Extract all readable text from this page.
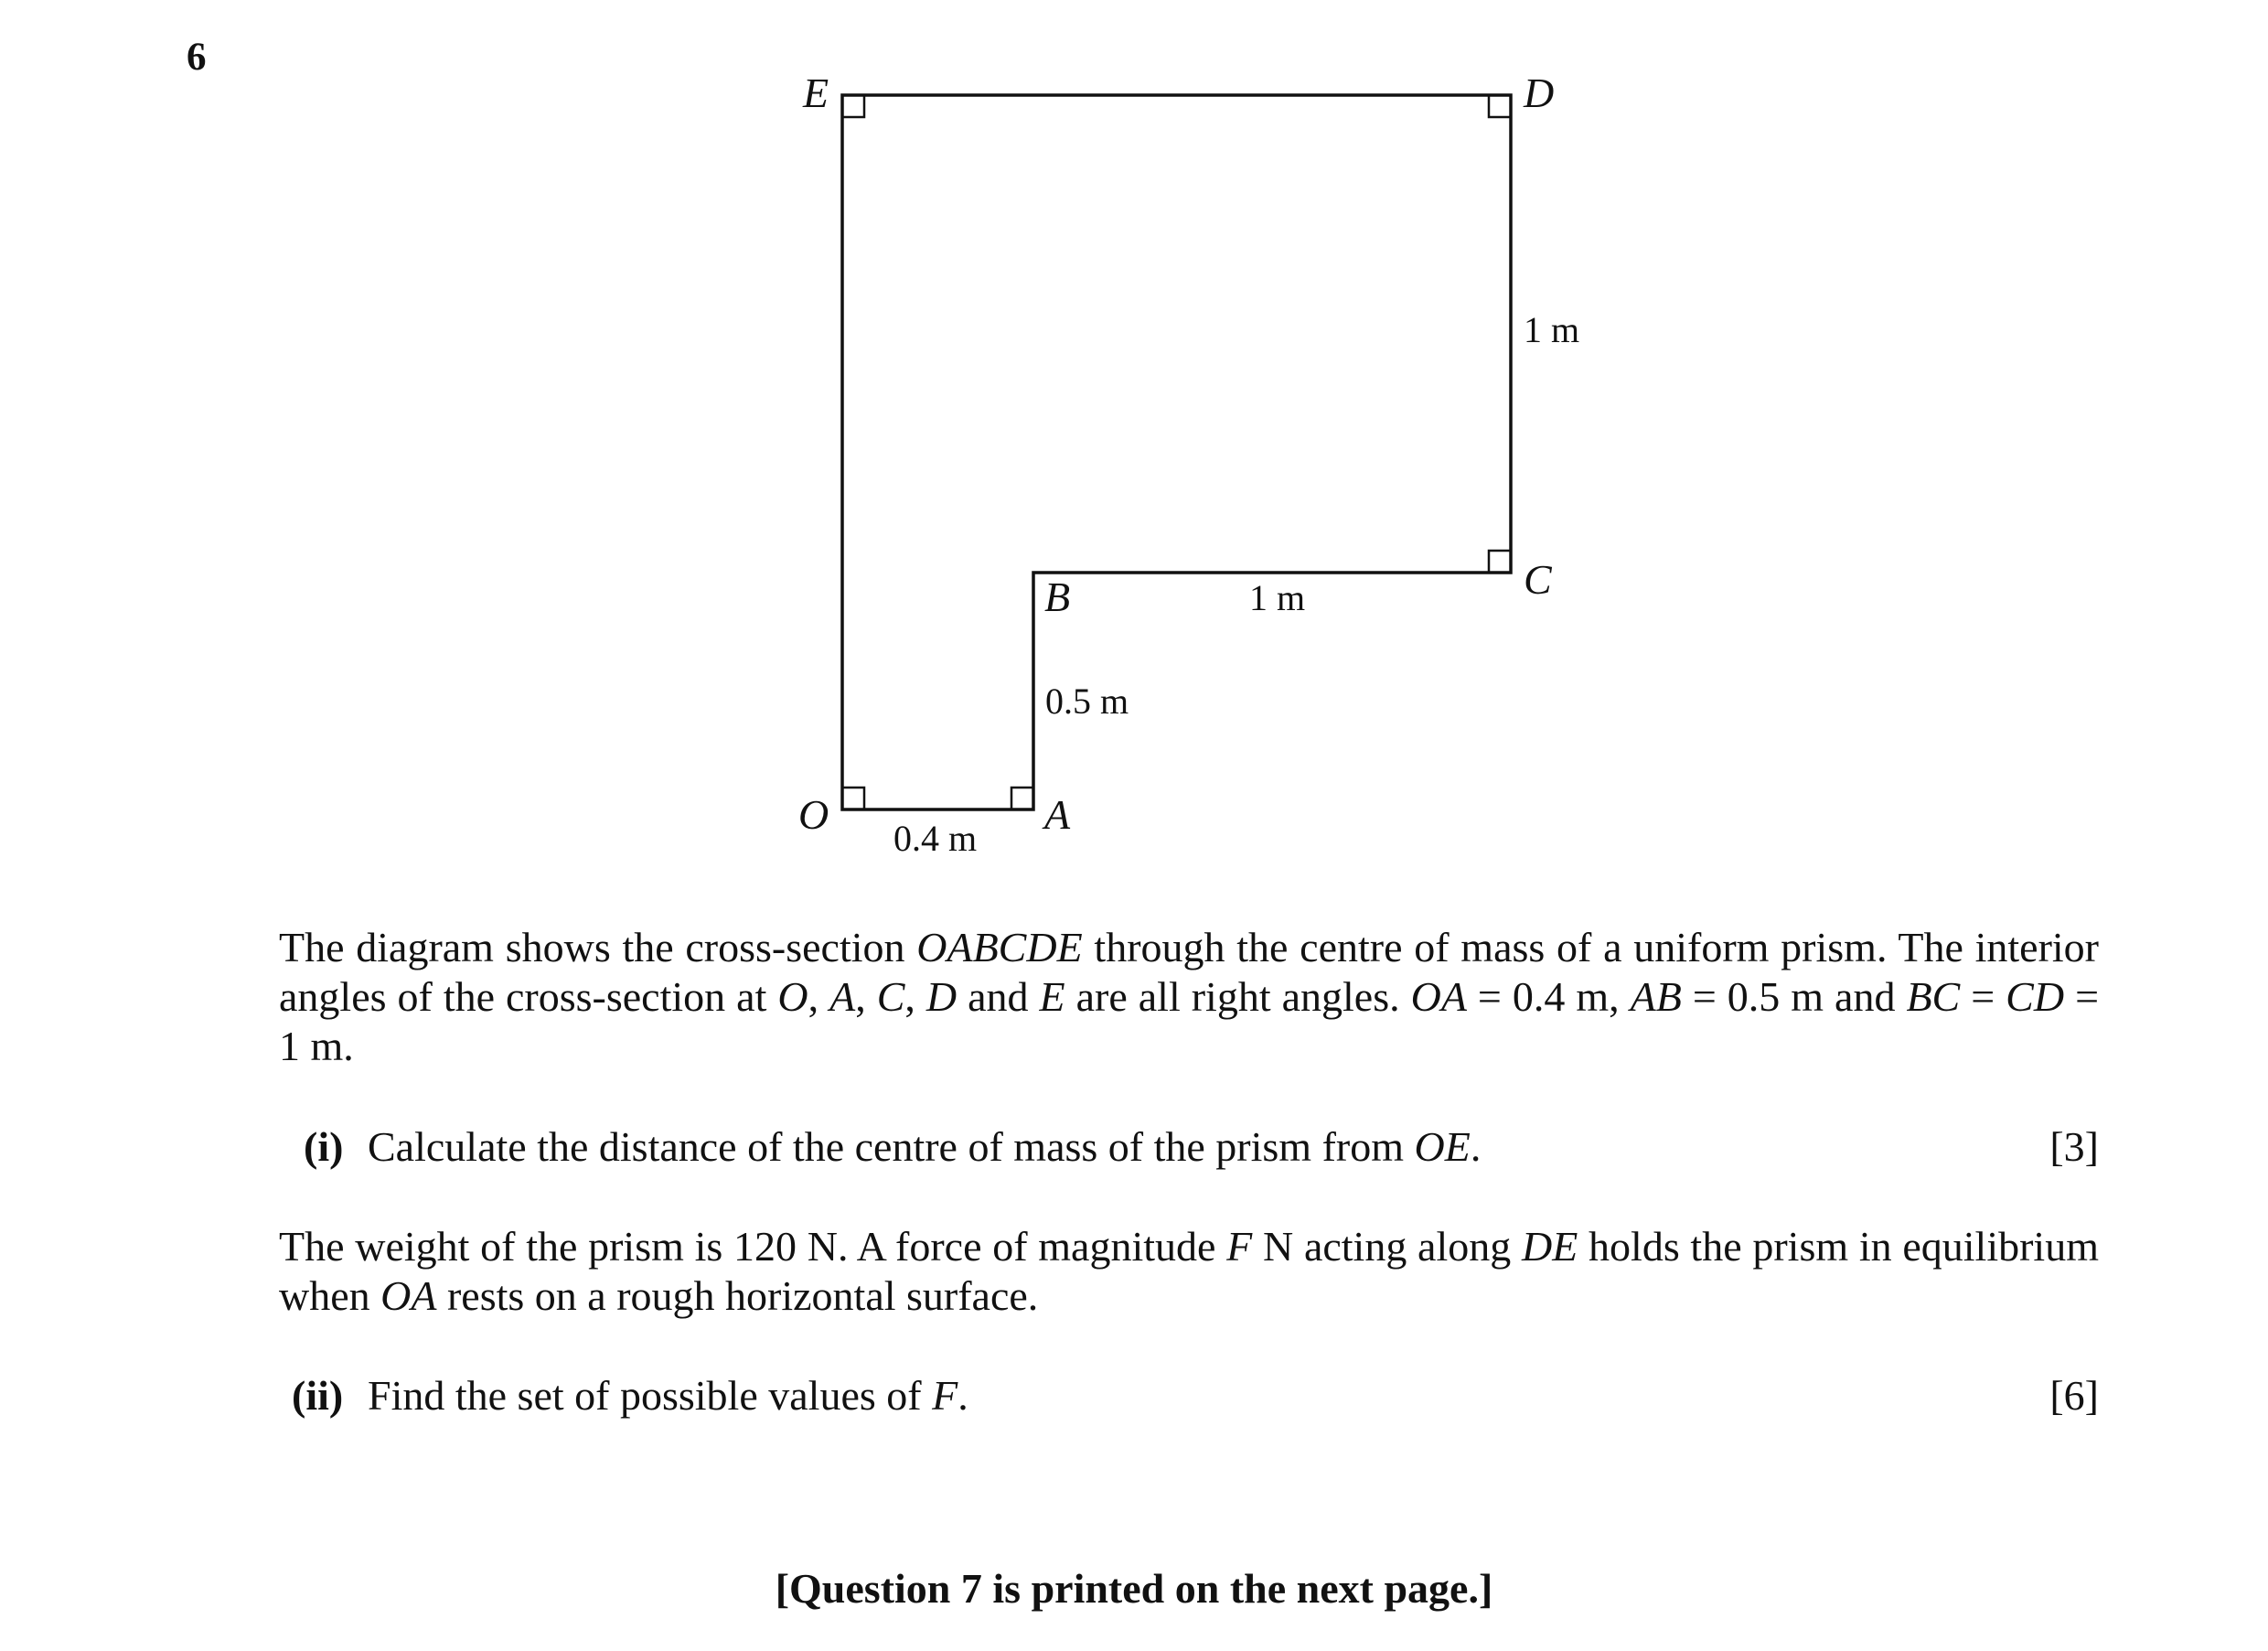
6
E	D
C
B
O	A
1 m
1 m
0.5 m
0.4 m
The diagram shows the cross-section OABCDE through the centre of mass of a uniform prism. The interior angles of the cross-section at O, A, C, D and E are all right angles. OA = 0.4 m, AB = 0.5 m and BC = CD = 1 m.
(i) Calculate the distance of the centre of mass of the prism from OE.	[3]
The weight of the prism is 120 N. A force of magnitude F N acting along DE holds the prism in equilibrium when OA rests on a rough horizontal surface.
(ii) Find the set of possible values of F.	[6]
[Question 7 is printed on the next page.]
